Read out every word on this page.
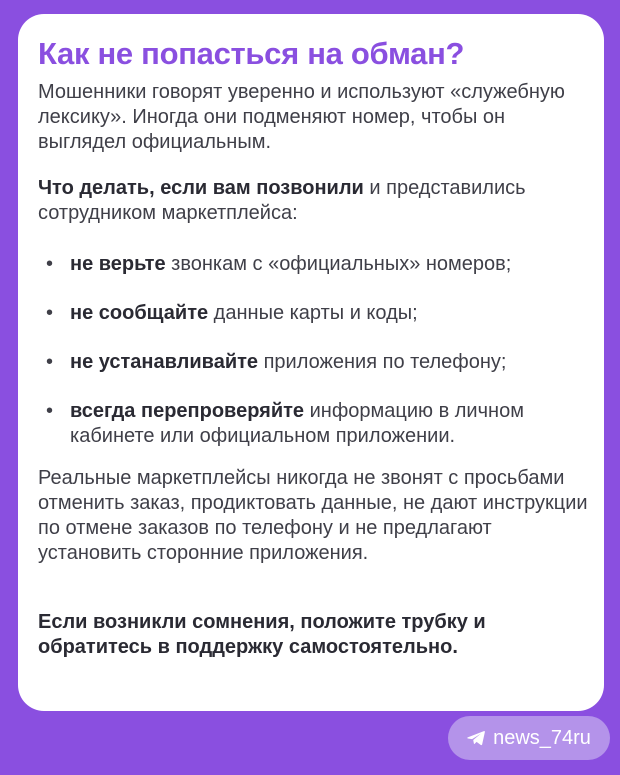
Как не попасться на обман?

Мошенники говорят уверенно и используют «служебную лексику». Иногда они подменяют номер, чтобы он выглядел официальным.

Что делать, если вам позвонили и представились сотрудником маркетплейса:

• не верьте звонкам с «официальных» номеров;
• не сообщайте данные карты и коды;
• не устанавливайте приложения по телефону;
• всегда перепроверяйте информацию в личном кабинете или официальном приложении.

Реальные маркетплейсы никогда не звонят с просьбами отменить заказ, продиктовать данные, не дают инструкции по отмене заказов по телефону и не предлагают установить сторонние приложения.

Если возникли сомнения, положите трубку и обратитесь в поддержку самостоятельно.

news_74ru
